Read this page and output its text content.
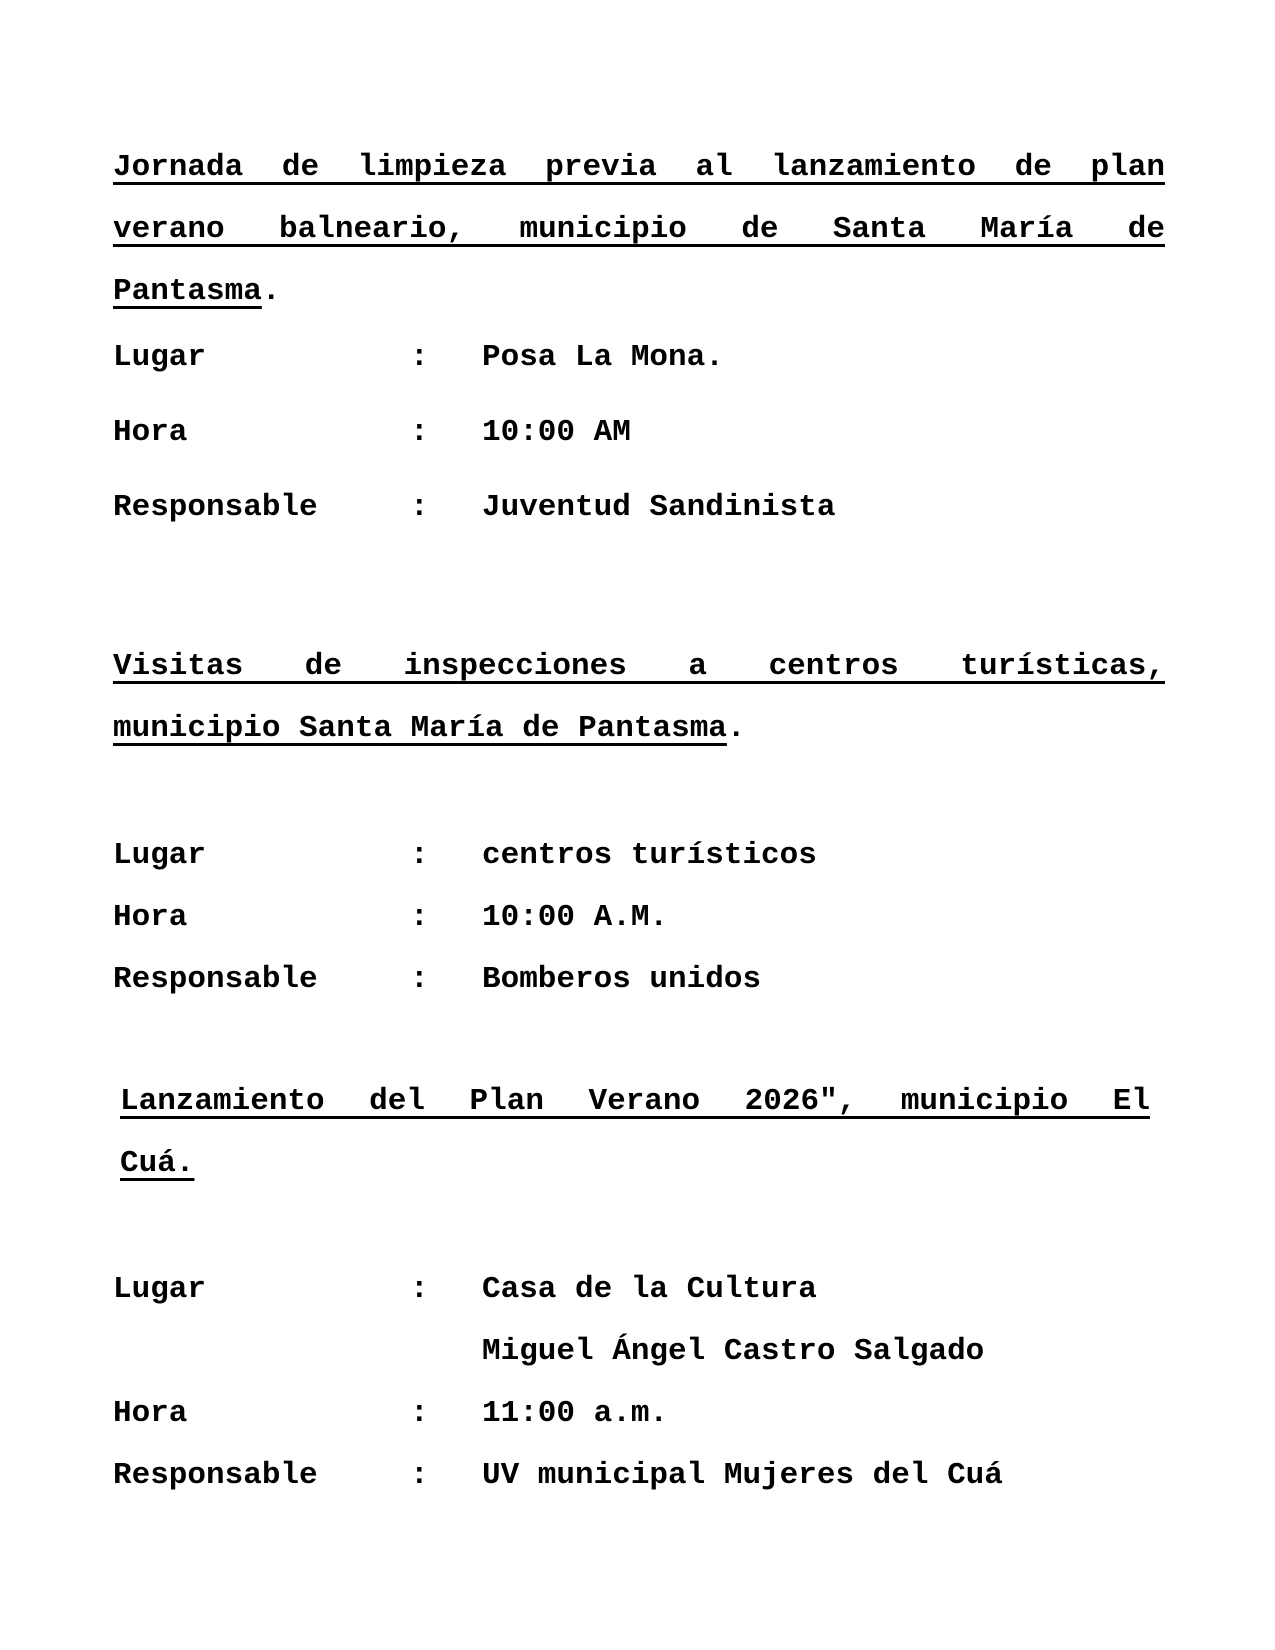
Jornada de limpieza previa al lanzamiento de plan
verano balneario, municipio de Santa María de
Pantasma.
Lugar	: Posa La Mona.
Hora	: 10:00 AM
Responsable	: Juventud Sandinista
Visitas de inspecciones a centros turísticas,
municipio Santa María de Pantasma.
Lugar	: centros turísticos
Hora	: 10:00 A.M.
Responsable	: Bomberos unidos
Lanzamiento del Plan Verano 2026", municipio El
Cuá.
Lugar	: Casa de la Cultura
Miguel Ángel Castro Salgado
Hora	: 11:00 a.m.
Responsable	: UV municipal Mujeres del Cuá
